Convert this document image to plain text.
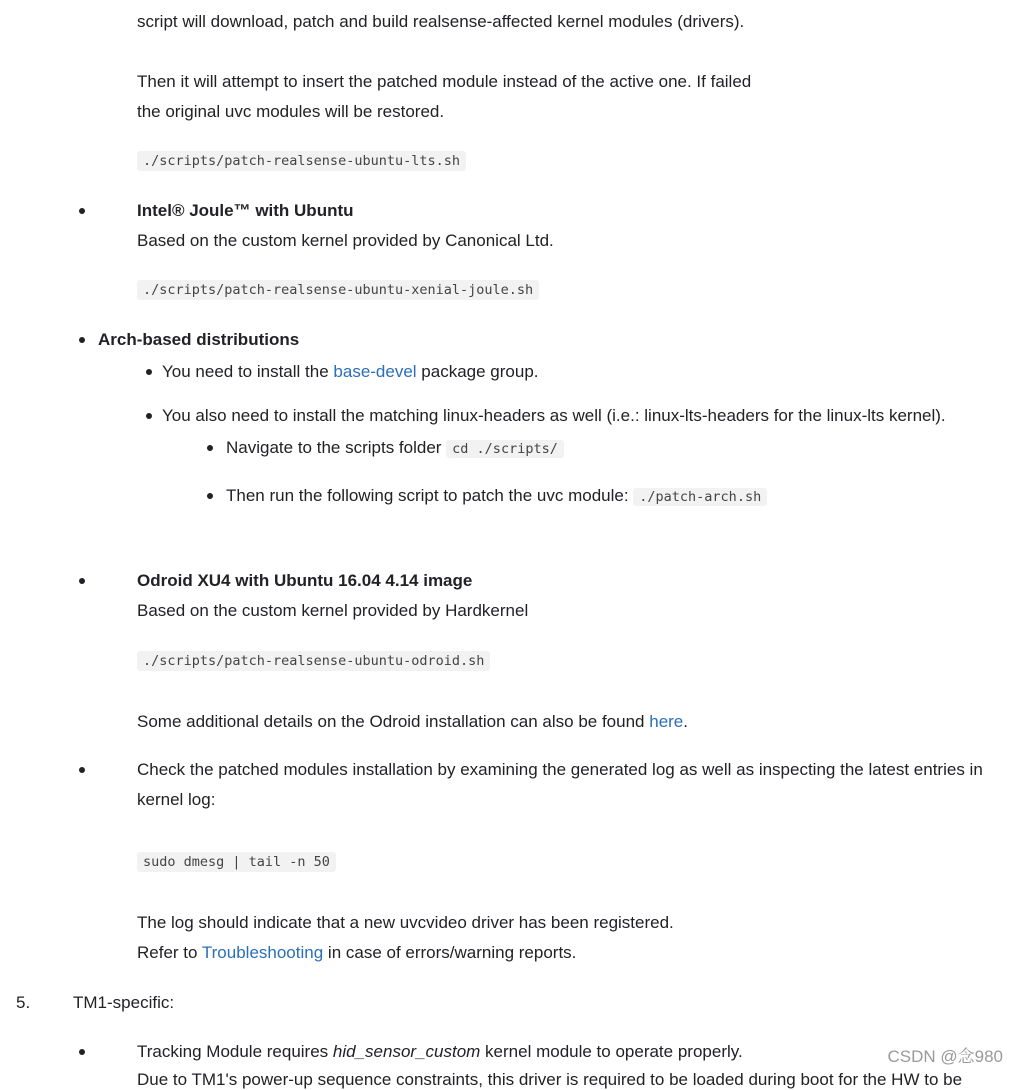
script will download, patch and build realsense-affected kernel modules (drivers).
Then it will attempt to insert the patched module instead of the active one. If failed
the original uvc modules will be restored.
./scripts/patch-realsense-ubuntu-lts.sh
Intel® Joule™ with Ubuntu
Based on the custom kernel provided by Canonical Ltd.
./scripts/patch-realsense-ubuntu-xenial-joule.sh
Arch-based distributions
You need to install the base-devel package group.
You also need to install the matching linux-headers as well (i.e.: linux-lts-headers for the linux-lts kernel).
Navigate to the scripts folder cd ./scripts/
Then run the following script to patch the uvc module: ./patch-arch.sh
Odroid XU4 with Ubuntu 16.04 4.14 image
Based on the custom kernel provided by Hardkernel
./scripts/patch-realsense-ubuntu-odroid.sh
Some additional details on the Odroid installation can also be found here.
Check the patched modules installation by examining the generated log as well as inspecting the latest entries in
kernel log:
sudo dmesg | tail -n 50
The log should indicate that a new uvcvideo driver has been registered.
Refer to Troubleshooting in case of errors/warning reports.
5.	TM1-specific:
Tracking Module requires hid_sensor_custom kernel module to operate properly.
Due to TM1's power-up sequence constraints, this driver is required to be loaded during boot for the HW to be
CSDN @念980
